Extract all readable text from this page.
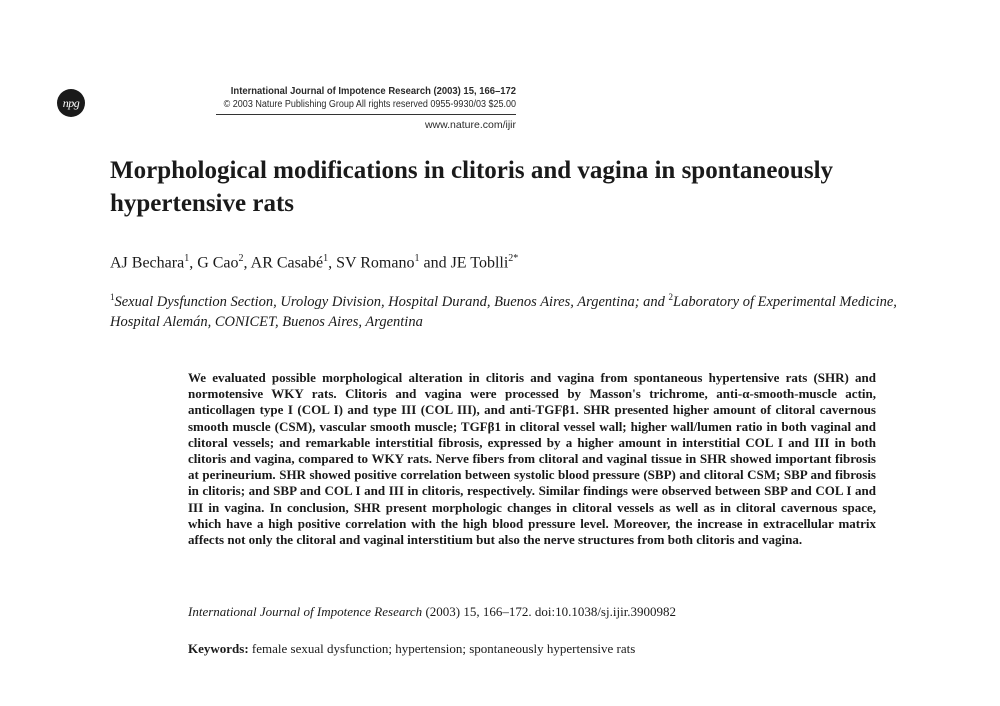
npg
International Journal of Impotence Research (2003) 15, 166–172
© 2003 Nature Publishing Group All rights reserved 0955-9930/03 $25.00
www.nature.com/ijir
Morphological modifications in clitoris and vagina in spontaneously hypertensive rats
AJ Bechara$^1$, G Cao$^2$, AR Casabé$^1$, SV Romano$^1$ and JE Toblli$^{2*}$
$^1$Sexual Dysfunction Section, Urology Division, Hospital Durand, Buenos Aires, Argentina; and $^2$Laboratory of Experimental Medicine, Hospital Alemán, CONICET, Buenos Aires, Argentina
We evaluated possible morphological alteration in clitoris and vagina from spontaneous hypertensive rats (SHR) and normotensive WKY rats. Clitoris and vagina were processed by Masson's trichrome, anti-α-smooth-muscle actin, anticollagen type I (COL I) and type III (COL III), and anti-TGFβ1. SHR presented higher amount of clitoral cavernous smooth muscle (CSM), vascular smooth muscle; TGFβ1 in clitoral vessel wall; higher wall/lumen ratio in both vaginal and clitoral vessels; and remarkable interstitial fibrosis, expressed by a higher amount in interstitial COL I and III in both clitoris and vagina, compared to WKY rats. Nerve fibers from clitoral and vaginal tissue in SHR showed important fibrosis at perineurium. SHR showed positive correlation between systolic blood pressure (SBP) and clitoral CSM; SBP and fibrosis in clitoris; and SBP and COL I and III in clitoris, respectively. Similar findings were observed between SBP and COL I and III in vagina. In conclusion, SHR present morphologic changes in clitoral vessels as well as in clitoral cavernous space, which have a high positive correlation with the high blood pressure level. Moreover, the increase in extracellular matrix affects not only the clitoral and vaginal interstitium but also the nerve structures from both clitoris and vagina.
International Journal of Impotence Research (2003) 15, 166–172. doi:10.1038/sj.ijir.3900982
Keywords: female sexual dysfunction; hypertension; spontaneously hypertensive rats
